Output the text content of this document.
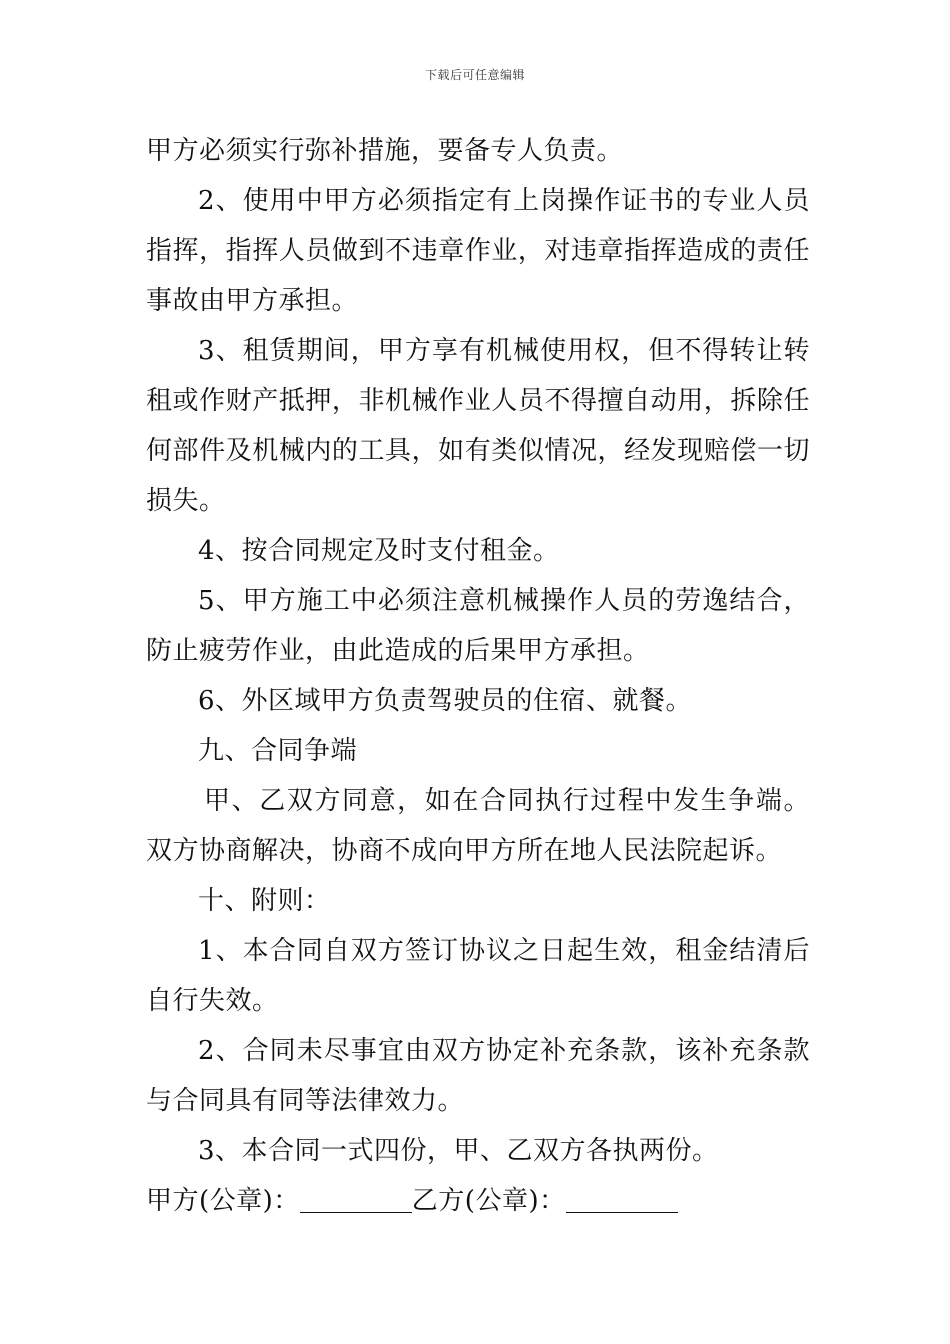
下载后可任意编辑

甲方必须实行弥补措施，要备专人负责。

2、使用中甲方必须指定有上岗操作证书的专业人员指挥，指挥人员做到不违章作业，对违章指挥造成的责任事故由甲方承担。

3、租赁期间，甲方享有机械使用权，但不得转让转租或作财产抵押，非机械作业人员不得擅自动用，拆除任何部件及机械内的工具，如有类似情况，经发现赔偿一切损失。

4、按合同规定及时支付租金。

5、甲方施工中必须注意机械操作人员的劳逸结合，防止疲劳作业，由此造成的后果甲方承担。

6、外区域甲方负责驾驶员的住宿、就餐。

九、合同争端

甲、乙双方同意，如在合同执行过程中发生争端。双方协商解决，协商不成向甲方所在地人民法院起诉。

十、附则：

1、本合同自双方签订协议之日起生效，租金结清后自行失效。

2、合同未尽事宜由双方协定补充条款，该补充条款与合同具有同等法律效力。

3、本合同一式四份，甲、乙双方各执两份。

甲方(公章)：	乙方(公章)：
